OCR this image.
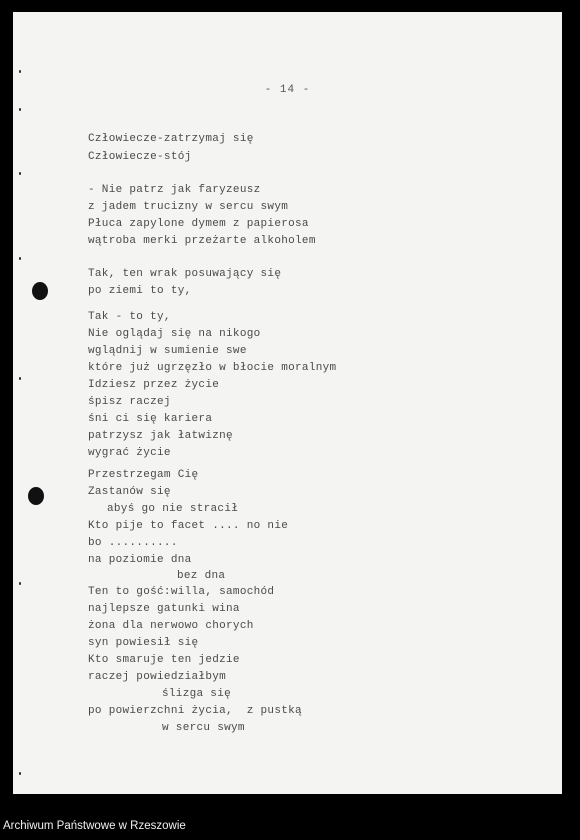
- 14 -
Człowiecze-zatrzymaj się
Człowiecze-stój
- Nie patrz jak faryzeusz
z jadem trucizny w sercu swym
Płuca zapylone dymem z papierosa
wątroba merki przeżarte alkoholem
Tak, ten wrak posuwający się
po ziemi to ty,
Tak - to ty,
Nie oglądaj się na nikogo
wglądnij w sumienie swe
które już ugrzęzło w błocie moralnym
Idziesz przez życie
śpisz raczej
śni ci się kariera
patrzysz jak łatwiznę
wygrać życie
Przestrzegam Cię
Zastanów się
abyś go nie stracił
Kto pije to facet .... no nie
bo ..........
na poziomie dna
bez dna
Ten to gość:willa, samochód
najlepsze gatunki wina
żona dla nerwowo chorych
syn powiesił się
Kto smaruje ten jedzie
raczej powiedziałbym
ślizga się
po powierzchni życia,  z pustką
w sercu swym
Archiwum Państwowe w Rzeszowie
